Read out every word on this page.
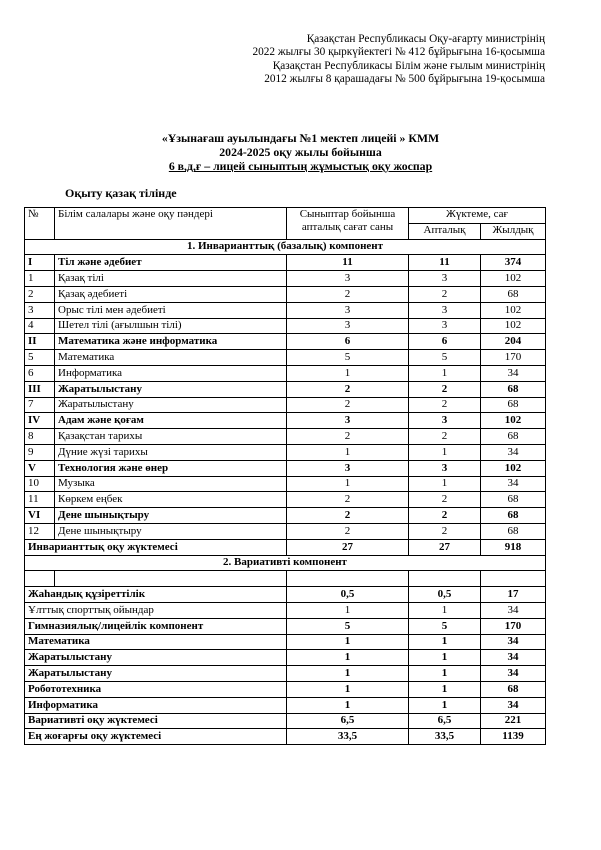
Қазақстан Республикасы Оқу-ағарту министрінің
2022 жылғы 30 қыркүйектегі № 412 бұйрығына 16-қосымша
Қазақстан Республикасы Білім және ғылым министрінің
2012 жылғы 8 қарашадағы № 500 бұйрығына 19-қосымша
«Ұзынағаш ауылындағы №1 мектеп лицейі » КММ
2024-2025 оқу жылы бойынша
6 в,д,ғ – лицей сыныптың жұмыстық оқу жоспар
Оқыту қазақ тілінде
№	Білім салалары және оқу пәндері	Сыныптар бойынша апталық сағат саны	Жүктеме, сағ	
			Апталық	Жылдық
1. Инварианттық (базалық) компонент				
I	Тіл және әдебиет	11	11	374
1	Қазақ тілі	3	3	102
2	Қазақ әдебиеті	2	2	68
3	Орыс тілі мен әдебиеті	3	3	102
4	Шетел тілі (ағылшын тілі)	3	3	102
II	Математика және информатика	6	6	204
5	Математика	5	5	170
6	Информатика	1	1	34
III	Жаратылыстану	2	2	68
7	Жаратылыстану	2	2	68
IV	Адам және қоғам	3	3	102
8	Қазақстан тарихы	2	2	68
9	Дүние жүзі тарихы	1	1	34
V	Технология және өнер	3	3	102
10	Музыка	1	1	34
11	Көркем еңбек	2	2	68
VI	Дене шынықтыру	2	2	68
12	Дене шынықтыру	2	2	68
Инварианттық оқу жүктемесі		27	27	918
2. Вариативті компонент				

Жаһандық құзіреттілік		0,5	0,5	17
Ұлттық спорттық ойындар		1	1	34
Гимназиялық/лицейлік компонент		5	5	170
Математика		1	1	34
Жаратылыстану		1	1	34
Жаратылыстану		1	1	34
Робототехника		1	1	68
Информатика		1	1	34
Вариативті оқу жүктемесі		6,5	6,5	221
Ең жоғарғы оқу жүктемесі		33,5	33,5	1139
